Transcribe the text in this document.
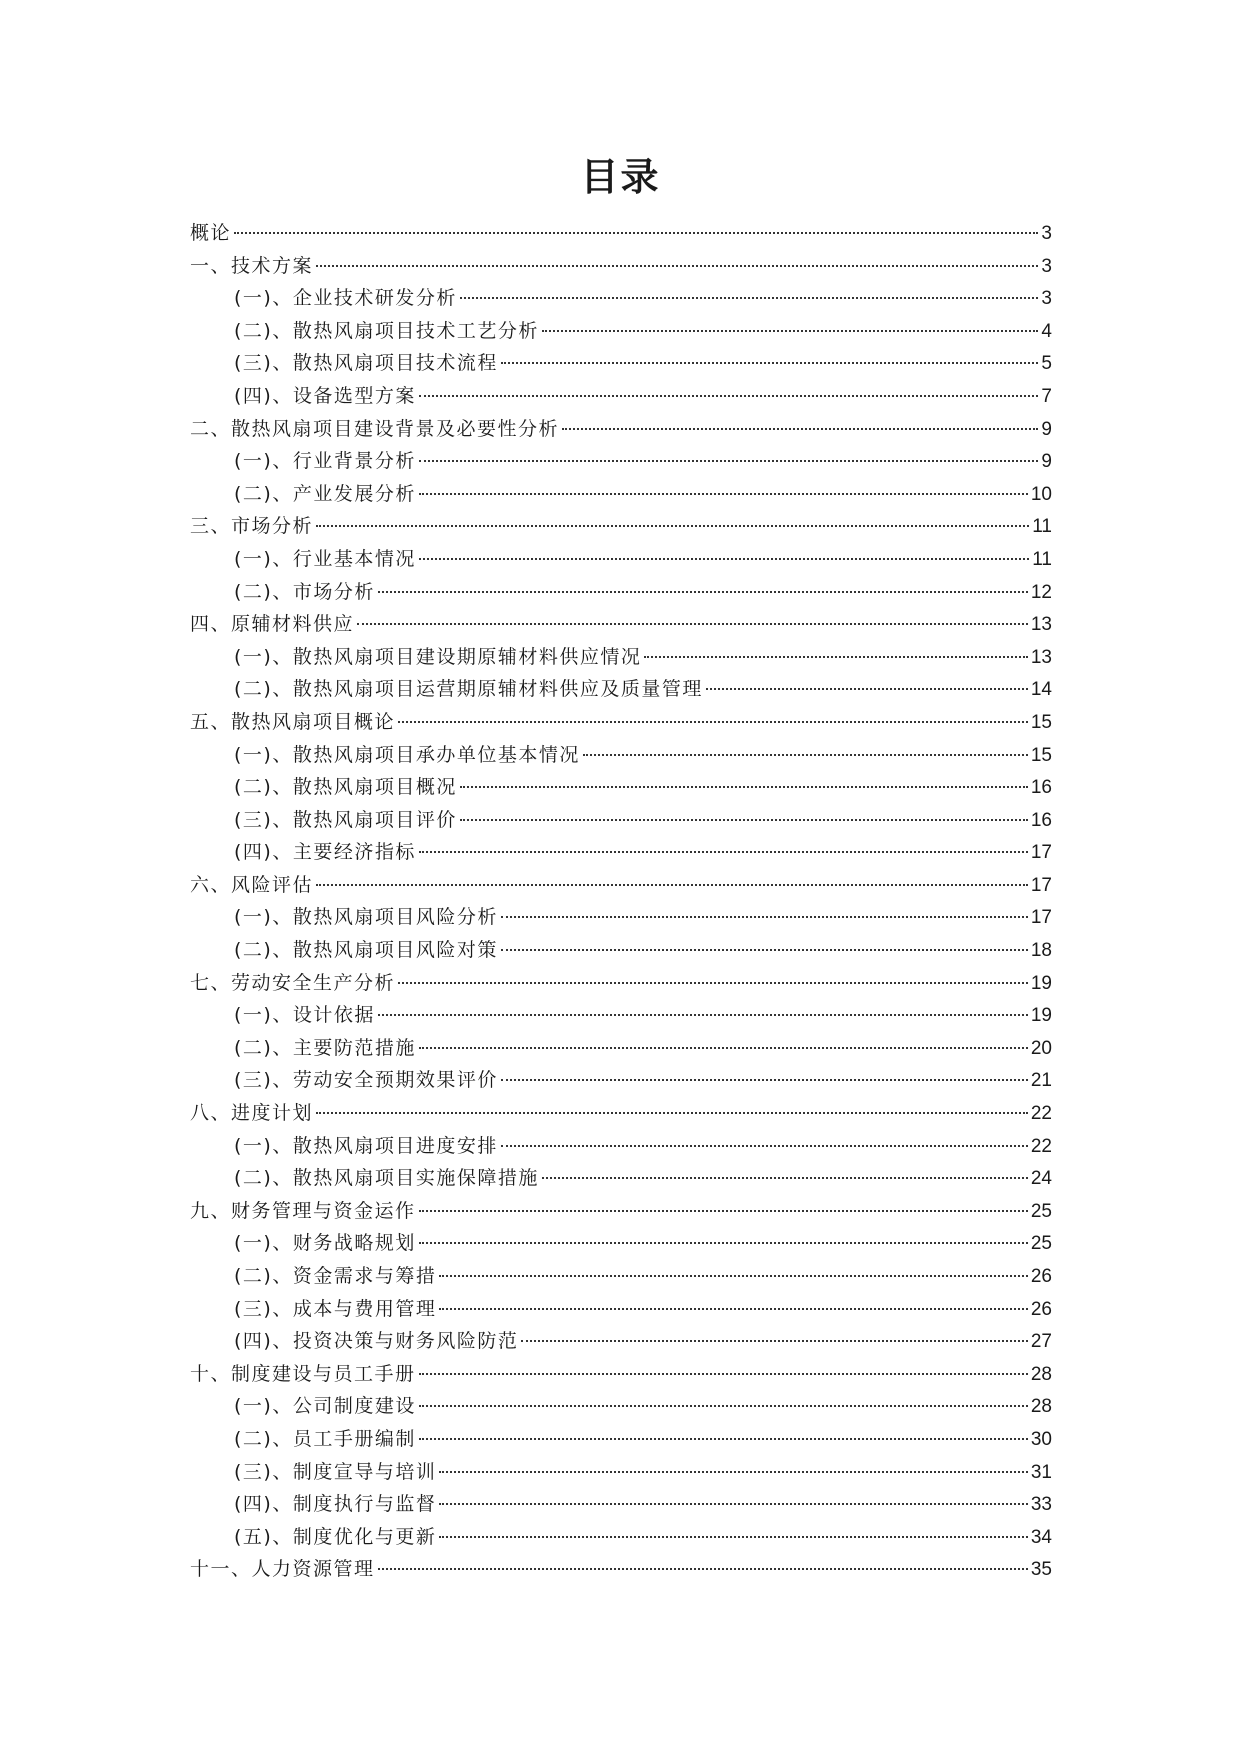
目录
概论	3
一、技术方案	3
(一)、企业技术研发分析	3
(二)、散热风扇项目技术工艺分析	4
(三)、散热风扇项目技术流程	5
(四)、设备选型方案	7
二、散热风扇项目建设背景及必要性分析	9
(一)、行业背景分析	9
(二)、产业发展分析	10
三、市场分析	11
(一)、行业基本情况	11
(二)、市场分析	12
四、原辅材料供应	13
(一)、散热风扇项目建设期原辅材料供应情况	13
(二)、散热风扇项目运营期原辅材料供应及质量管理	14
五、散热风扇项目概论	15
(一)、散热风扇项目承办单位基本情况	15
(二)、散热风扇项目概况	16
(三)、散热风扇项目评价	16
(四)、主要经济指标	17
六、风险评估	17
(一)、散热风扇项目风险分析	17
(二)、散热风扇项目风险对策	18
七、劳动安全生产分析	19
(一)、设计依据	19
(二)、主要防范措施	20
(三)、劳动安全预期效果评价	21
八、进度计划	22
(一)、散热风扇项目进度安排	22
(二)、散热风扇项目实施保障措施	24
九、财务管理与资金运作	25
(一)、财务战略规划	25
(二)、资金需求与筹措	26
(三)、成本与费用管理	26
(四)、投资决策与财务风险防范	27
十、制度建设与员工手册	28
(一)、公司制度建设	28
(二)、员工手册编制	30
(三)、制度宣导与培训	31
(四)、制度执行与监督	33
(五)、制度优化与更新	34
十一、人力资源管理	35
